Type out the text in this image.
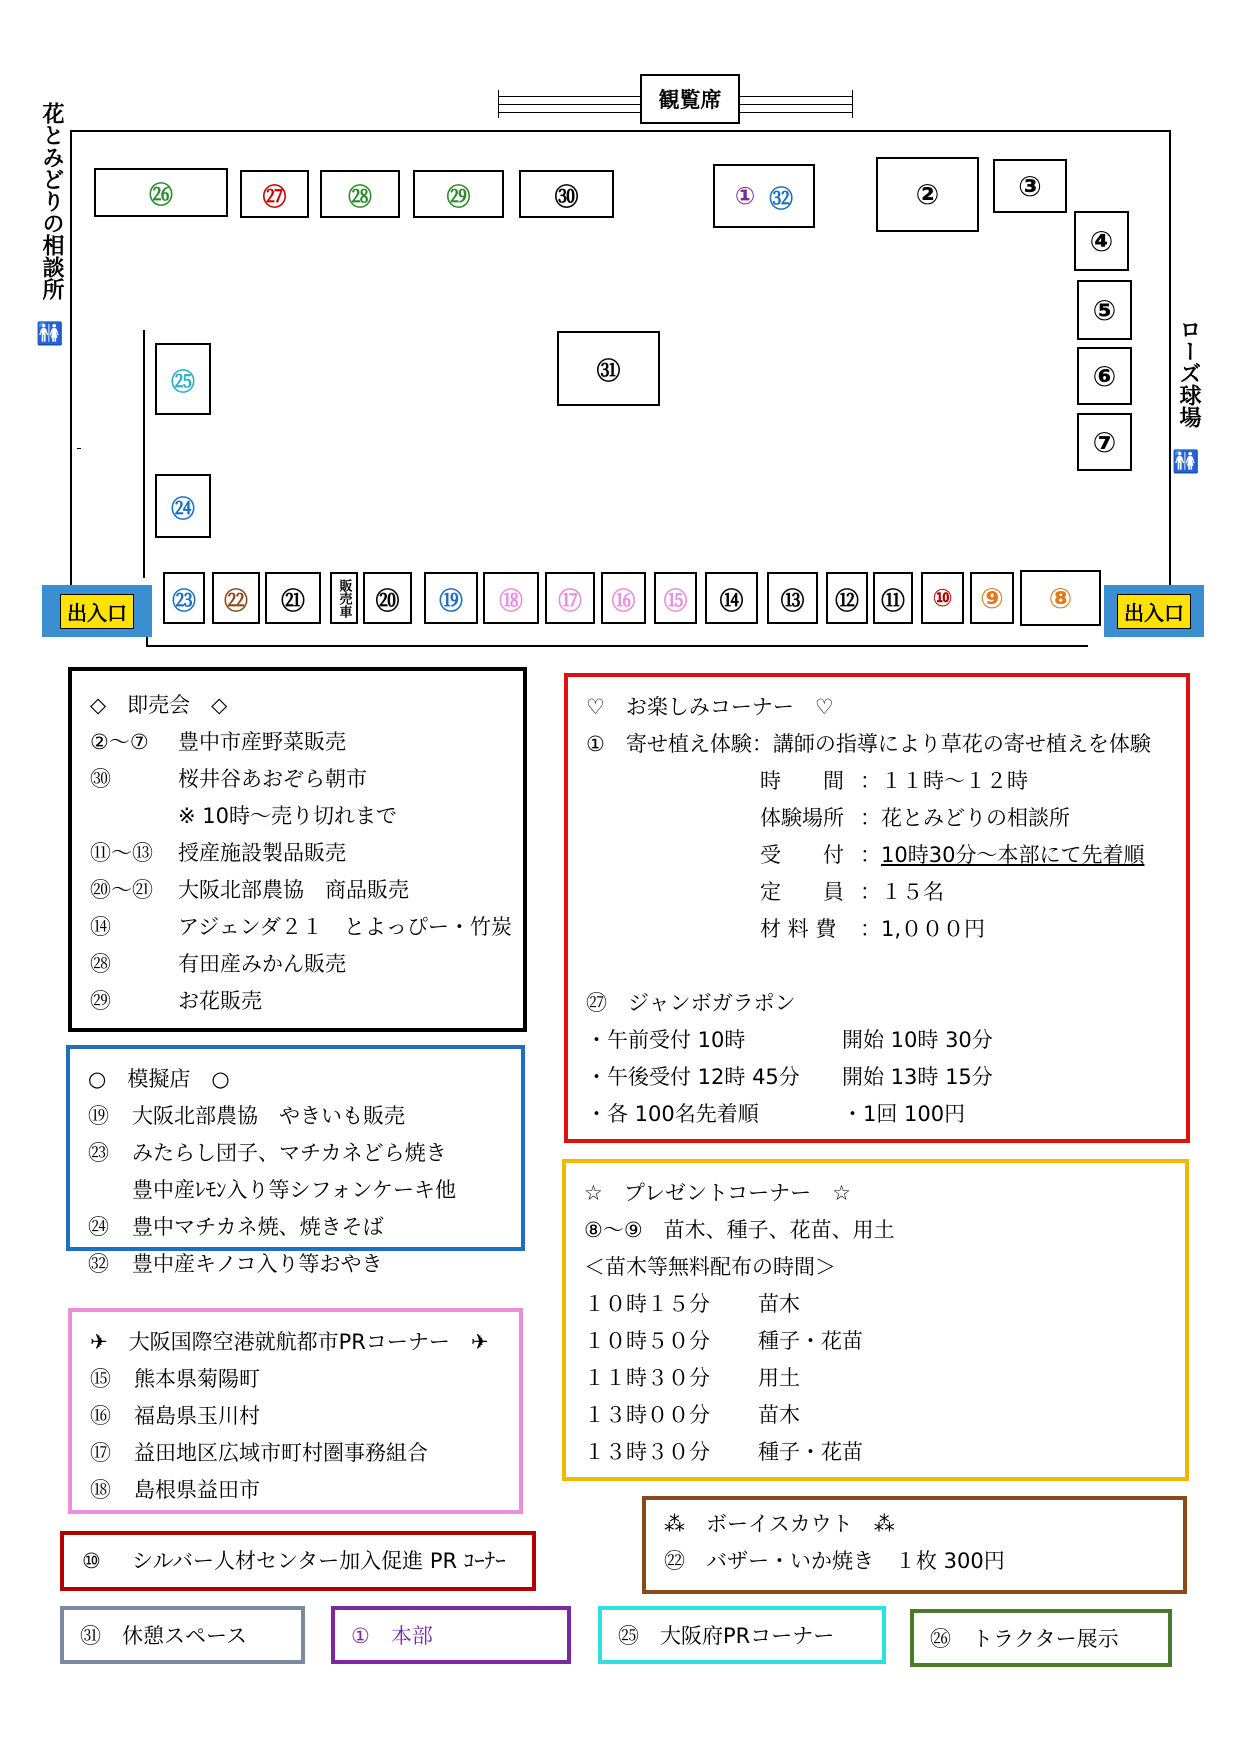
観覧席
花とみどりの相談所
ローズ球場
🚻
🚻
出入口	出入口
㉖	㉗	㉘	㉙	㉚	① ㉜	②	③
④
⑤
⑥
⑦
㉛
㉕
㉔
㉓	㉒	㉑	販売車	⑳	⑲	⑱	⑰	⑯	⑮	⑭	⑬	⑫ ⑪	⑩ ⑨	⑧
◇　即売会　◇
②～⑦	豊中市産野菜販売
㉚	桜井谷あおぞら朝市
※ 10時～売り切れまで
⑪～⑬	授産施設製品販売
⑳～㉑	大阪北部農協　商品販売
⑭	アジェンダ２１　とよっぴー・竹炭
㉘	有田産みかん販売
㉙	お花販売
○　模擬店　○
⑲	大阪北部農協　やきいも販売
㉓	みたらし団子、マチカネどら焼き
豊中産ﾚﾓﾝ入り等シフォンケーキ他
㉔	豊中マチカネ焼、焼きそば
㉜	豊中産キノコ入り等おやき
✈　大阪国際空港就航都市PRコーナー　✈
⑮	熊本県菊陽町
⑯	福島県玉川村
⑰	益田地区広域市町村圏事務組合
⑱	島根県益田市
⑩	シルバー人材センター加入促進 PR ｺｰﾅｰ
♡　お楽しみコーナー　♡
①　寄せ植え体験：講師の指導により草花の寄せ植えを体験
時　　間 ： １１時～１２時
体験場所 ： 花とみどりの相談所
受　　付 ： 10時30分～本部にて先着順
定　　員 ： １５名
材 料 費	： 1,０００円
㉗　ジャンボガラポン
・午前受付 10時	開始 10時 30分
・午後受付 12時 45分	開始 13時 15分
・各 100名先着順	・1回 100円
☆　プレゼントコーナー　☆
⑧～⑨　苗木、種子、花苗、用土
＜苗木等無料配布の時間＞
１０時１５分	苗木
１０時５０分	種子・花苗
１１時３０分	用土
１３時００分	苗木
１３時３０分	種子・花苗
⁂　ボーイスカウト　⁂
㉒　バザー・いか焼き　１枚 300円
㉛　休憩スペース	①　本部	㉕　大阪府PRコーナー	㉖　トラクター展示
